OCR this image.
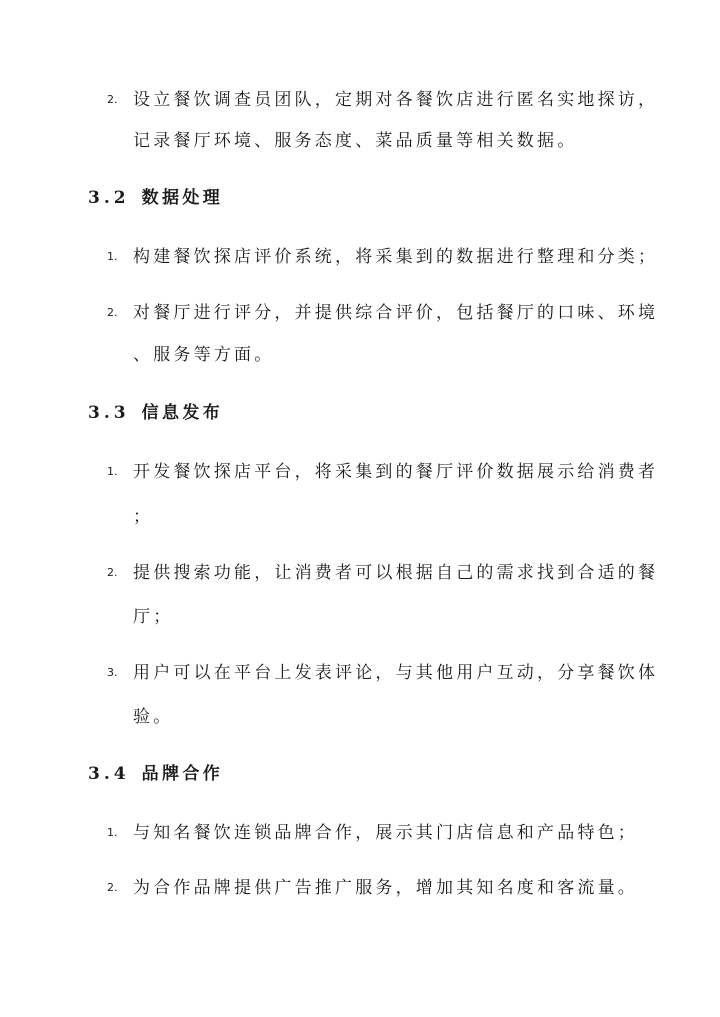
2. 设立餐饮调查员团队，定期对各餐饮店进行匿名实地探访，
记录餐厅环境、服务态度、菜品质量等相关数据。
3.2 数据处理
1. 构建餐饮探店评价系统，将采集到的数据进行整理和分类；
2. 对餐厅进行评分，并提供综合评价，包括餐厅的口味、环境
、服务等方面。
3.3 信息发布
1. 开发餐饮探店平台，将采集到的餐厅评价数据展示给消费者
；
2. 提供搜索功能，让消费者可以根据自己的需求找到合适的餐
厅；
3. 用户可以在平台上发表评论，与其他用户互动，分享餐饮体
验。
3.4 品牌合作
1. 与知名餐饮连锁品牌合作，展示其门店信息和产品特色；
2. 为合作品牌提供广告推广服务，增加其知名度和客流量。
